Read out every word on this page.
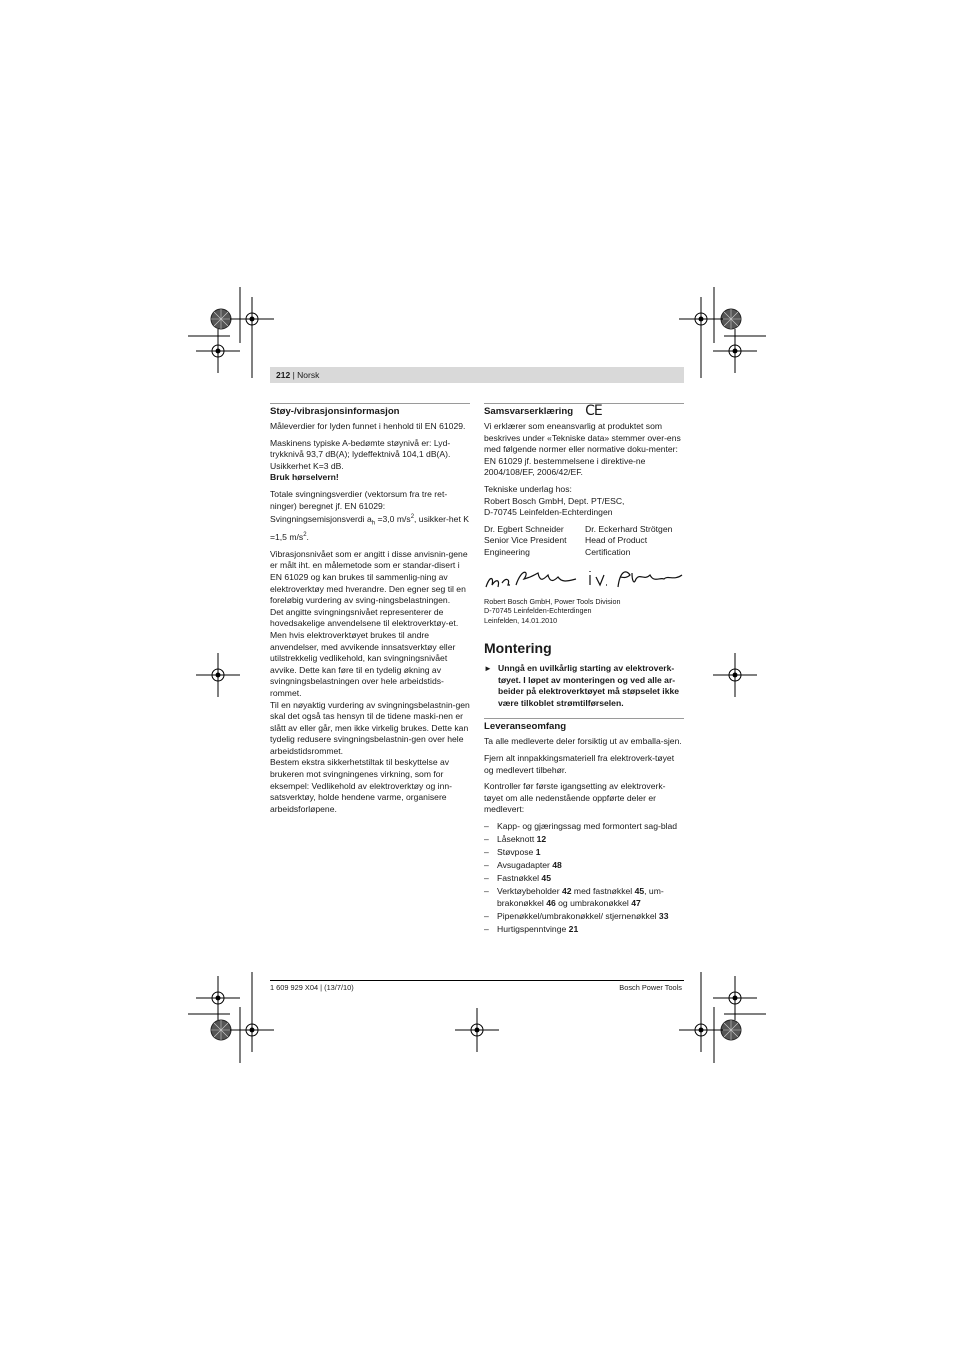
212 | Norsk
Støy-/vibrasjonsinformasjon

Måleverdier for lyden funnet i henhold til EN 61029.

Maskinens typiske A-bedømte støynivå er: Lyd-trykknivå 93,7 dB(A); lydeffektnivå 104,1 dB(A). Usikkerhet K=3 dB.

Bruk hørselvern!

Totale svingningsverdier (vektorsum fra tre ret-ninger) beregnet jf. EN 61029:

Svingningsemisjonsverdi $a_h =3,0$ $m/s^2$, usikker-het K =1,5 $m/s^2$.

Vibrasjonsnivået som er angitt i disse anvisnin-gene er målt iht. en målemetode som er standar-disert i EN 61029 og kan brukes til sammenlig-ning av elektroverktøy med hverandre. Den egner seg til en foreløbig vurdering av sving-ningsbelastningen.

Det angitte svingningsnivået representerer de hovedsakelige anvendelsene til elektroverktøy-et. Men hvis elektroverktøyet brukes til andre anvendelser, med avvikende innsatsverktøy eller utilstrekkelig vedlikehold, kan svingningsnivået avvike. Dette kan føre til en tydelig økning av svingningsbelastningen over hele arbeidstids-rommet.

Til en nøyaktig vurdering av svingningsbelastnin-gen skal det også tas hensyn til de tidene maski-nen er slått av eller går, men ikke virkelig brukes. Dette kan tydelig redusere svingningsbelastnin-gen over hele arbeidstidsrommet.

Bestem ekstra sikkerhetstiltak til beskyttelse av brukeren mot svingningenes virkning, som for eksempel: Vedlikehold av elektroverktøy og inn-satsverktøy, holde hendene varme, organisere arbeidsforløpene.

Samsvarserklæring CE

Vi erklærer som eneansvarlig at produktet som beskrives under «Tekniske data» stemmer over-ens med følgende normer eller normative doku-menter: EN 61029 jf. bestemmelsene i direktive-ne 2004/108/EF, 2006/42/EF.

Tekniske underlag hos:

Robert Bosch GmbH, Dept. PT/ESC,

D-70745 Leinfelden-Echterdingen

Dr. Egbert Schneider
Senior Vice President
Engineering
Dr. Eckerhard Strötgen
Head of Product
Certification
Robert Bosch GmbH, Power Tools Division
D-70745 Leinfelden-Echterdingen
Leinfelden, 14.01.2010
Montering
► Unngå en uvilkårlig starting av elektroverk-tøyet. I løpet av monteringen og ved alle ar-beider på elektroverktøyet må støpselet ikke være tilkoblet strømtilførselen.
Leveranseomfang

Ta alle medleverte deler forsiktig ut av emballa-sjen.

Fjern alt innpakkingsmateriell fra elektroverk-tøyet og medlevert tilbehør.

Kontroller før første igangsetting av elektroverk-tøyet om alle nedenstående oppførte deler er medlevert:

– Kapp- og gjæringssag med formontert sag-blad
– Låseknott 12
– Støvpose 1
– Avsugadapter 48
– Fastnøkkel 45
– Verktøybeholder 42 med fastnøkkel 45, um-brakonøkkel 46 og umbrakonøkkel 47
– Pipenøkkel/umbrakonøkkel/ stjernenøkkel 33
– Hurtigspenntvinge 21
1 609 929 X04 | (13/7/10)	Bosch Power Tools
